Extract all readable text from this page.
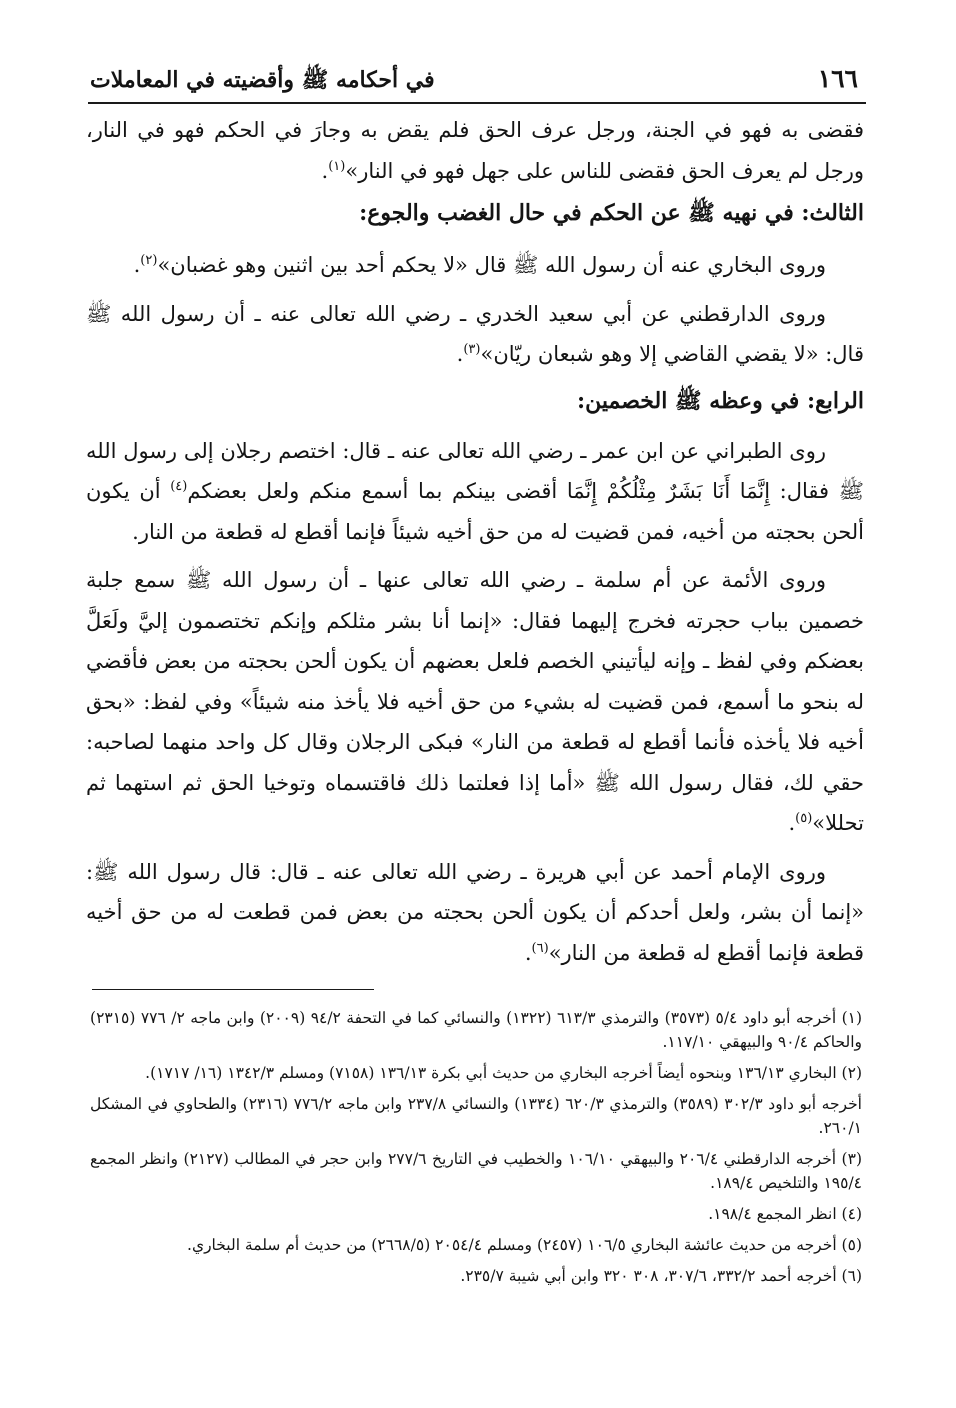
١٦٦
في أحكامه ﷺ وأقضيته في المعاملات

فقضى به فهو في الجنة، ورجل عرف الحق فلم يقض به وجارَ في الحكم فهو في النار، ورجل لم يعرف الحق فقضى للناس على جهل فهو في النار»$^{(١)}$.

الثالث: في نهيه ﷺ عن الحكم في حال الغضب والجوع:

وروى البخاري عنه أن رسول الله ﷺ قال «لا يحكم أحد بين اثنين وهو غضبان»$^{(٢)}$.

وروى الدارقطني عن أبي سعيد الخدري ـ رضي الله تعالى عنه ـ أن رسول الله ﷺ قال: «لا يقضي القاضي إلا وهو شبعان ريّان»$^{(٣)}$.

الرابع: في وعظه ﷺ الخصمين:

روى الطبراني عن ابن عمر ـ رضي الله تعالى عنه ـ قال: اختصم رجلان إلى رسول الله ﷺ فقال: إِنَّمَا أَنَا بَشَرٌ مِثْلُكُمْ إِنَّمَا أقضى بينكم بما أسمع منكم ولعل بعضكم$^{(٤)}$ أن يكون ألحن بحجته من أخيه، فمن قضيت له من حق أخيه شيئاً فإنما أقطع له قطعة من النار.

وروى الأئمة عن أم سلمة ـ رضي الله تعالى عنها ـ أن رسول الله ﷺ سمع جلبة خصمين بباب حجرته فخرج إليهما فقال: «إنما أنا بشر مثلكم وإنكم تختصمون إليَّ ولَعَلَّ بعضكم وفي لفظ ـ وإنه ليأتيني الخصم فلعل بعضهم أن يكون ألحن بحجته من بعض فأقضي له بنحو ما أسمع، فمن قضيت له بشيء من حق أخيه فلا يأخذ منه شيئاً» وفي لفظ: «بحق أخيه فلا يأخذه فأنما أقطع له قطعة من النار» فبكى الرجلان وقال كل واحد منهما لصاحبه: حقي لك، فقال رسول الله ﷺ «أما إذا فعلتما ذلك فاقتسماه وتوخيا الحق ثم استهما ثم تحللا»$^{(٥)}$.

وروى الإمام أحمد عن أبي هريرة ـ رضي الله تعالى عنه ـ قال: قال رسول الله ﷺ: «إنما أن بشر، ولعل أحدكم أن يكون ألحن بحجته من بعض فمن قطعت له من حق أخيه قطعة فإنما أقطع له قطعة من النار»$^{(٦)}$.

(١) أخرجه أبو داود ٥/٤ (٣٥٧٣) والترمذي ٦١٣/٣ (١٣٢٢) والنسائي كما في التحفة ٩٤/٢ (٢٠٠٩) وابن ماجه ٢/ ٧٧٦ (٢٣١٥) والحاكم ٩٠/٤ والبيهقي ١١٧/١٠.

(٢) البخاري ١٣٦/١٣ وبنحوه أيضاً أخرجه البخاري من حديث أبي بكرة ١٣٦/١٣ (٧١٥٨) ومسلم ١٣٤٢/٣ (١٦/ ١٧١٧).

أخرجه أبو داود ٣٠٢/٣ (٣٥٨٩) والترمذي ٦٢٠/٣ (١٣٣٤) والنسائي ٢٣٧/٨ وابن ماجه ٧٧٦/٢ (٢٣١٦) والطحاوي في المشكل ٢٦٠/١.

(٣) أخرجه الدارقطني ٢٠٦/٤ والبيهقي ١٠٦/١٠ والخطيب في التاريخ ٢٧٧/٦ وابن حجر في المطالب (٢١٢٧) وانظر المجمع ١٩٥/٤ والتلخيص ١٨٩/٤.

(٤) انظر المجمع ١٩٨/٤.

(٥) أخرجه من حديث عائشة البخاري ١٠٦/٥ (٢٤٥٧) ومسلم ٢٠٥٤/٤ (٢٦٦٨/٥) من حديث أم سلمة البخاري.

(٦) أخرجه أحمد ٣٣٢/٢، ٣٠٧/٦، ٣٠٨ ٣٢٠ وابن أبي شيبة ٢٣٥/٧.
